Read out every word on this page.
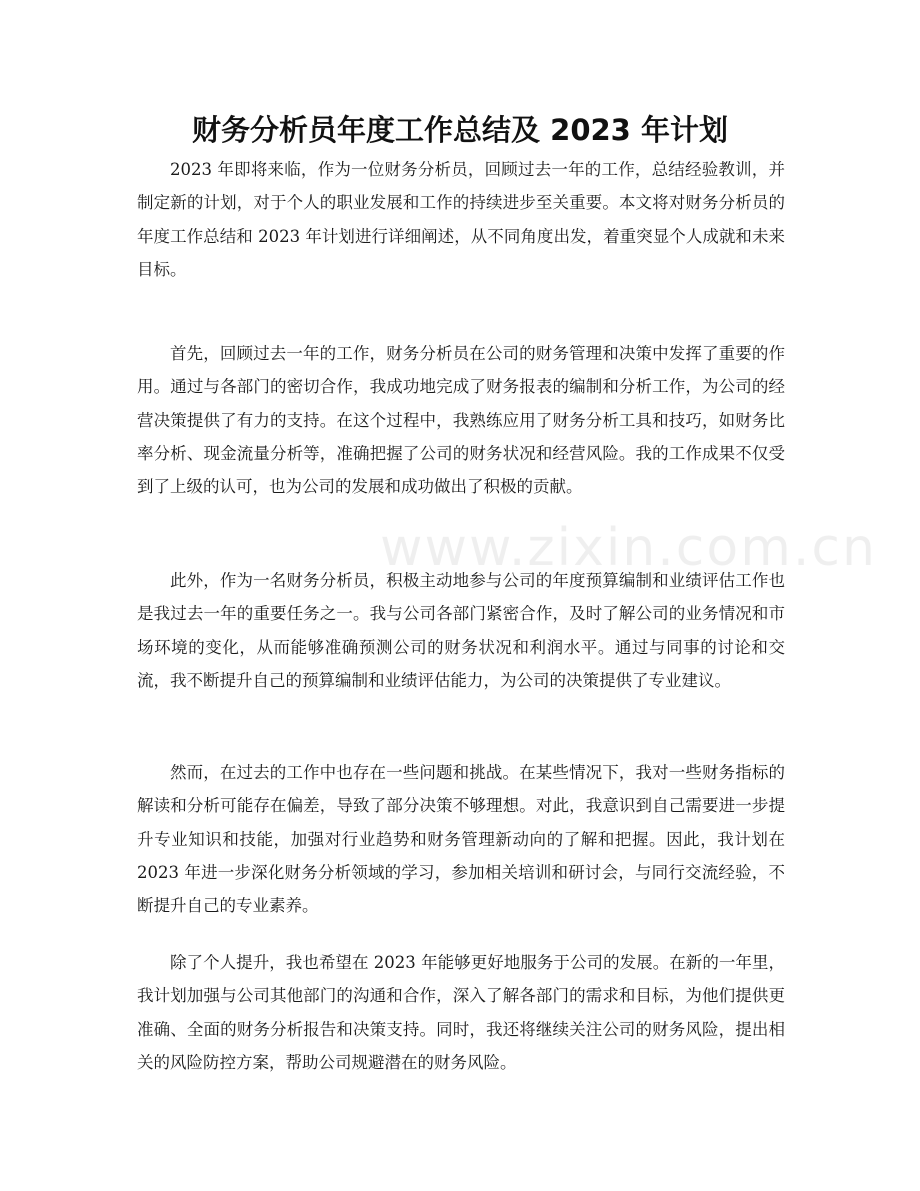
财务分析员年度工作总结及 2023 年计划

2023 年即将来临，作为一位财务分析员，回顾过去一年的工作，总结经验教训，并制定新的计划，对于个人的职业发展和工作的持续进步至关重要。本文将对财务分析员的年度工作总结和 2023 年计划进行详细阐述，从不同角度出发，着重突显个人成就和未来目标。

首先，回顾过去一年的工作，财务分析员在公司的财务管理和决策中发挥了重要的作用。通过与各部门的密切合作，我成功地完成了财务报表的编制和分析工作，为公司的经营决策提供了有力的支持。在这个过程中，我熟练应用了财务分析工具和技巧，如财务比率分析、现金流量分析等，准确把握了公司的财务状况和经营风险。我的工作成果不仅受到了上级的认可，也为公司的发展和成功做出了积极的贡献。

此外，作为一名财务分析员，积极主动地参与公司的年度预算编制和业绩评估工作也是我过去一年的重要任务之一。我与公司各部门紧密合作，及时了解公司的业务情况和市场环境的变化，从而能够准确预测公司的财务状况和利润水平。通过与同事的讨论和交流，我不断提升自己的预算编制和业绩评估能力，为公司的决策提供了专业建议。

然而，在过去的工作中也存在一些问题和挑战。在某些情况下，我对一些财务指标的解读和分析可能存在偏差，导致了部分决策不够理想。对此，我意识到自己需要进一步提升专业知识和技能，加强对行业趋势和财务管理新动向的了解和把握。因此，我计划在 2023 年进一步深化财务分析领域的学习，参加相关培训和研讨会，与同行交流经验，不断提升自己的专业素养。

除了个人提升，我也希望在 2023 年能够更好地服务于公司的发展。在新的一年里，我计划加强与公司其他部门的沟通和合作，深入了解各部门的需求和目标，为他们提供更准确、全面的财务分析报告和决策支持。同时，我还将继续关注公司的财务风险，提出相关的风险防控方案，帮助公司规避潜在的财务风险。

www.zixin.com.cn
